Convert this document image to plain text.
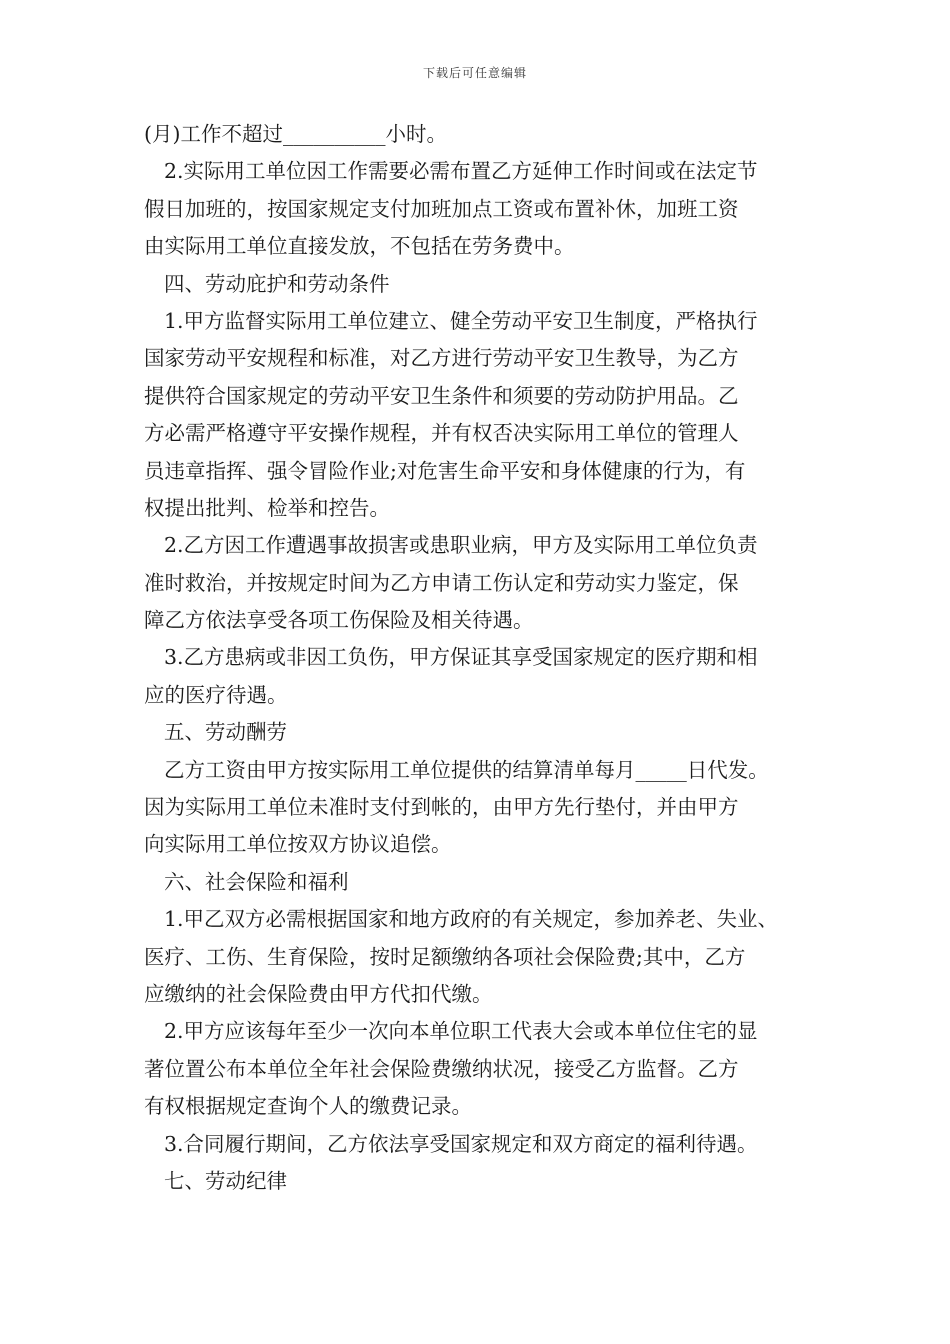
下载后可任意编辑
(月)工作不超过__________小时。
2.实际用工单位因工作需要必需布置乙方延伸工作时间或在法定节
假日加班的，按国家规定支付加班加点工资或布置补休，加班工资
由实际用工单位直接发放，不包括在劳务费中。
四、劳动庇护和劳动条件
1.甲方监督实际用工单位建立、健全劳动平安卫生制度，严格执行
国家劳动平安规程和标准，对乙方进行劳动平安卫生教导，为乙方
提供符合国家规定的劳动平安卫生条件和须要的劳动防护用品。乙
方必需严格遵守平安操作规程，并有权否决实际用工单位的管理人
员违章指挥、强令冒险作业;对危害生命平安和身体健康的行为，有
权提出批判、检举和控告。
2.乙方因工作遭遇事故损害或患职业病，甲方及实际用工单位负责
准时救治，并按规定时间为乙方申请工伤认定和劳动实力鉴定，保
障乙方依法享受各项工伤保险及相关待遇。
3.乙方患病或非因工负伤，甲方保证其享受国家规定的医疗期和相
应的医疗待遇。
五、劳动酬劳
乙方工资由甲方按实际用工单位提供的结算清单每月_____日代发。
因为实际用工单位未准时支付到帐的，由甲方先行垫付，并由甲方
向实际用工单位按双方协议追偿。
六、社会保险和福利
1.甲乙双方必需根据国家和地方政府的有关规定，参加养老、失业、
医疗、工伤、生育保险，按时足额缴纳各项社会保险费;其中，乙方
应缴纳的社会保险费由甲方代扣代缴。
2.甲方应该每年至少一次向本单位职工代表大会或本单位住宅的显
著位置公布本单位全年社会保险费缴纳状况，接受乙方监督。乙方
有权根据规定查询个人的缴费记录。
3.合同履行期间，乙方依法享受国家规定和双方商定的福利待遇。
七、劳动纪律
